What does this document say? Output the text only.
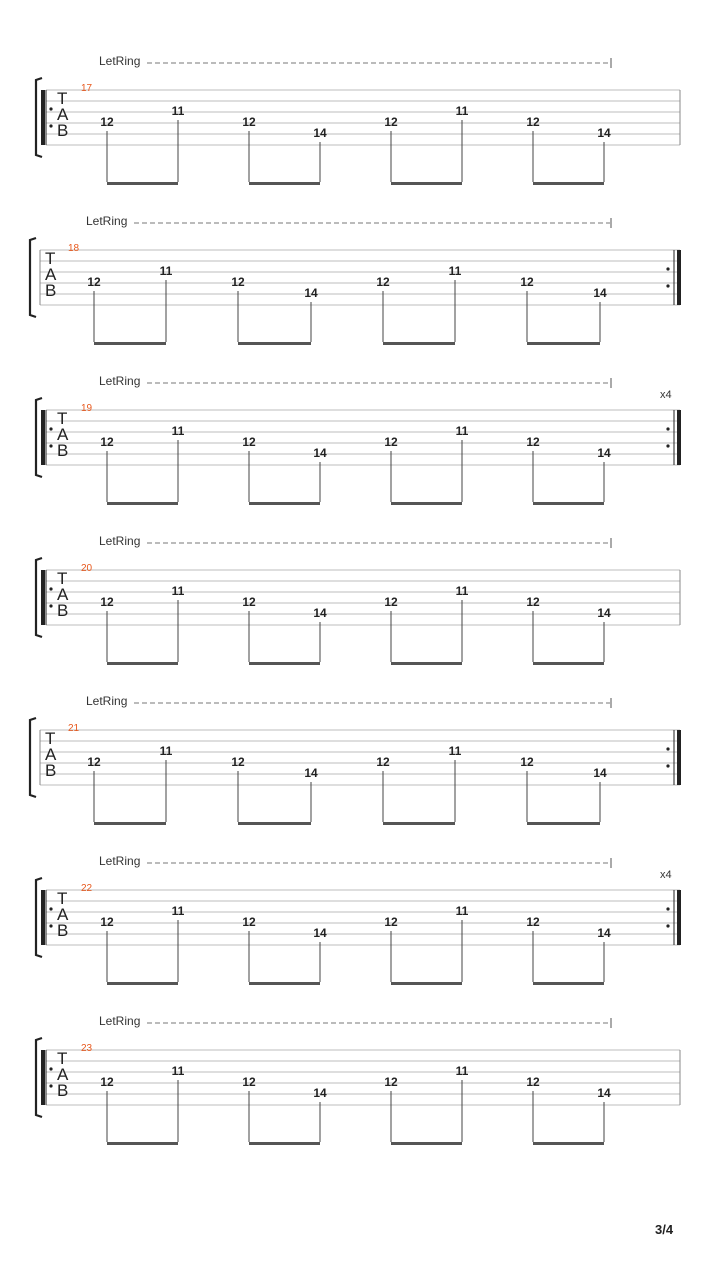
LetRing
17
T
A
B	12
11
12
14
12
11
12
14
LetRing
18
T
A
B	12
11
12
14
12
11
12
14
LetRing
19
x4
T
A
B	12
11
12
14
12
11
12
14
LetRing
20
T
A
B	12
11
12
14
12
11
12
14
LetRing
21
T
A
B	12
11
12
14
12
11
12
14
LetRing
22
x4
T
A
B	12
11
12
14
12
11
12
14
LetRing
23
T
A
B	12
11
12
14
12
11
12
14
3/4
